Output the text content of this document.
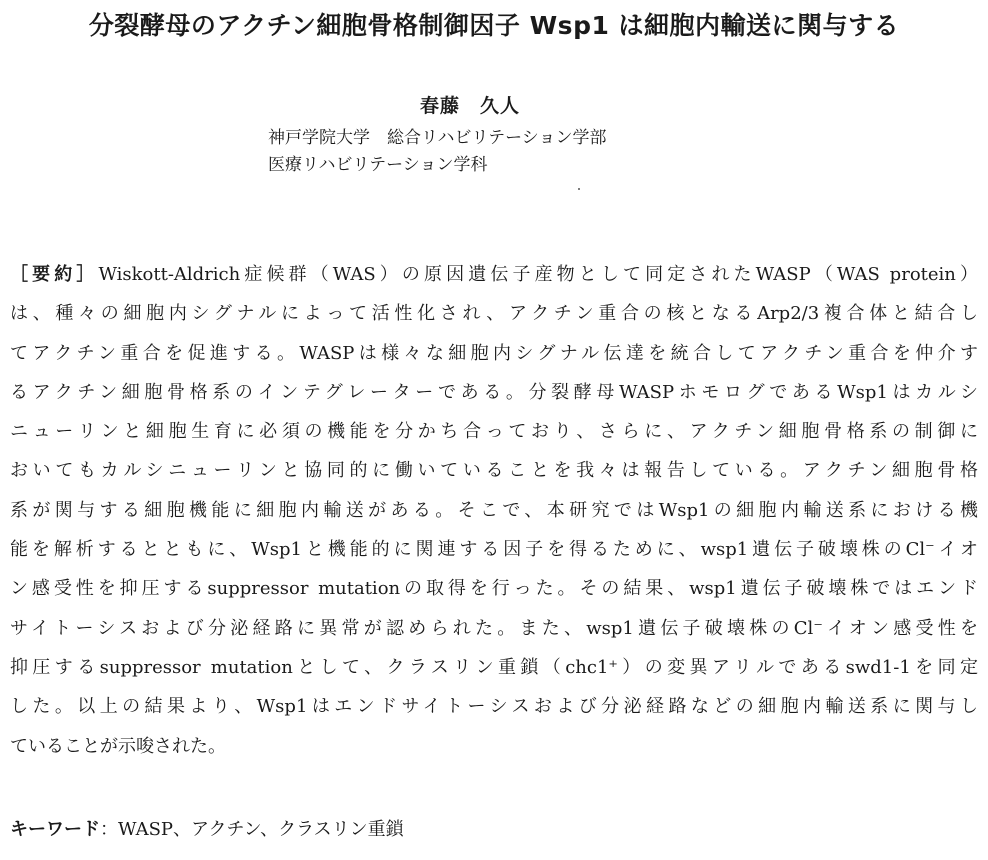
分裂酵母のアクチン細胞骨格制御因子 Wsp1 は細胞内輸送に関与する
春藤　久人
神戸学院大学　総合リハビリテーション学部
医療リハビリテーション学科
［要約］Wiskott-Aldrich症候群（WAS）の原因遺伝子産物として同定されたWASP（WAS protein）
は、種々の細胞内シグナルによって活性化され、アクチン重合の核となるArp2/3複合体と結合し
てアクチン重合を促進する。WASPは様々な細胞内シグナル伝達を統合してアクチン重合を仲介す
るアクチン細胞骨格系のインテグレーターである。分裂酵母WASPホモログであるWsp1はカルシ
ニューリンと細胞生育に必須の機能を分かち合っており、さらに、アクチン細胞骨格系の制御に
おいてもカルシニューリンと協同的に働いていることを我々は報告している。アクチン細胞骨格
系が関与する細胞機能に細胞内輸送がある。そこで、本研究ではWsp1の細胞内輸送系における機
能を解析するとともに、Wsp1と機能的に関連する因子を得るために、wsp1遺伝子破壊株のCl⁻イオ
ン感受性を抑圧するsuppressor mutationの取得を行った。その結果、wsp1遺伝子破壊株ではエンド
サイトーシスおよび分泌経路に異常が認められた。また、wsp1遺伝子破壊株のCl⁻イオン感受性を
抑圧するsuppressor mutationとして、クラスリン重鎖（chc1⁺）の変異アリルであるswd1-1を同定
した。以上の結果より、Wsp1はエンドサイトーシスおよび分泌経路などの細胞内輸送系に関与し
ていることが示唆された。
キーワード：WASP、アクチン、クラスリン重鎖
